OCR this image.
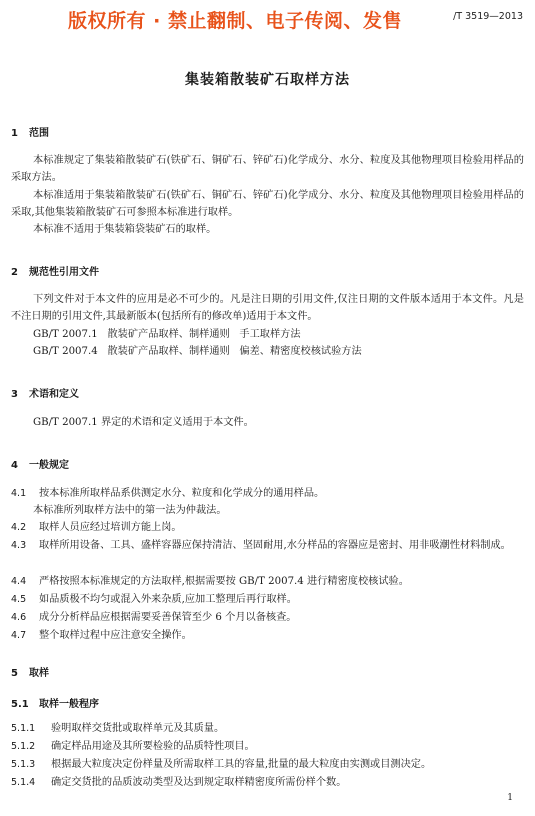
版权所有 · 禁止翻制、电子传阅、发售	/T 3519—2013
集装箱散装矿石取样方法
1 范围
本标准规定了集装箱散装矿石(铁矿石、铜矿石、锌矿石)化学成分、水分、粒度及其他物理项目检验用样品的采取方法。
本标准适用于集装箱散装矿石(铁矿石、铜矿石、锌矿石)化学成分、水分、粒度及其他物理项目检验用样品的采取,其他集装箱散装矿石可参照本标准进行取样。
本标准不适用于集装箱袋装矿石的取样。
2 规范性引用文件
下列文件对于本文件的应用是必不可少的。凡是注日期的引用文件,仅注日期的文件版本适用于本文件。凡是不注日期的引用文件,其最新版本(包括所有的修改单)适用于本文件。
GB/T 2007.1   散装矿产品取样、制样通则   手工取样方法
GB/T 2007.4   散装矿产品取样、制样通则   偏差、精密度校核试验方法
3 术语和定义
GB/T 2007.1 界定的术语和定义适用于本文件。
4 一般规定
4.1 按本标准所取样品系供测定水分、粒度和化学成分的通用样品。
本标准所列取样方法中的第一法为仲裁法。
4.2 取样人员应经过培训方能上岗。
4.3 取样所用设备、工具、盛样容器应保持清洁、坚固耐用,水分样品的容器应是密封、用非吸潮性材料制成。
4.4 严格按照本标准规定的方法取样,根据需要按 GB/T 2007.4 进行精密度校核试验。
4.5 如品质极不均匀或混入外来杂质,应加工整理后再行取样。
4.6 成分分析样品应根据需要妥善保管至少 6 个月以备核查。
4.7 整个取样过程中应注意安全操作。
5 取样
5.1 取样一般程序
5.1.1 验明取样交货批或取样单元及其质量。
5.1.2 确定样品用途及其所要检验的品质特性项目。
5.1.3 根据最大粒度决定份样量及所需取样工具的容量,批量的最大粒度由实测或目测决定。
5.1.4 确定交货批的品质波动类型及达到规定取样精密度所需份样个数。
1
